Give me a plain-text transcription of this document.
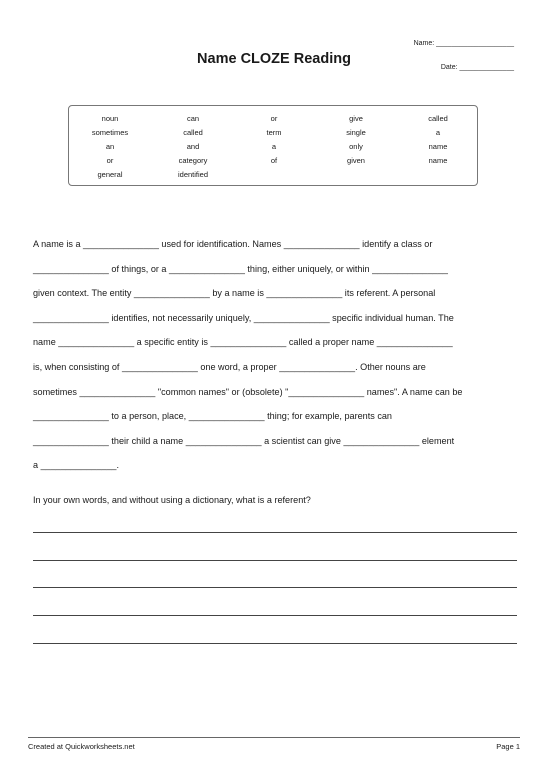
Name: ____________________
Name CLOZE Reading
Date: ______________
noun	can	or	give	called
sometimes	called	term	single	a
an	and	a	only	name
or	category	of	given	name
general	identified

A name is a _______________ used for identification. Names _______________ identify a class or
_______________ of things, or a _______________ thing, either uniquely, or within _______________
given context. The entity _______________ by a name is _______________ its referent. A personal
_______________ identifies, not necessarily uniquely, _______________ specific individual human. The
name _______________ a specific entity is _______________ called a proper name _______________
is, when consisting of _______________ one word, a proper _______________. Other nouns are
sometimes _______________ "common names" or (obsolete) "_______________ names". A name can be
_______________ to a person, place, _______________ thing; for example, parents can
_______________ their child a name _______________ a scientist can give _______________ element
a _______________.

In your own words, and without using a dictionary, what is a referent?

Created at Quickworksheets.net	Page 1
